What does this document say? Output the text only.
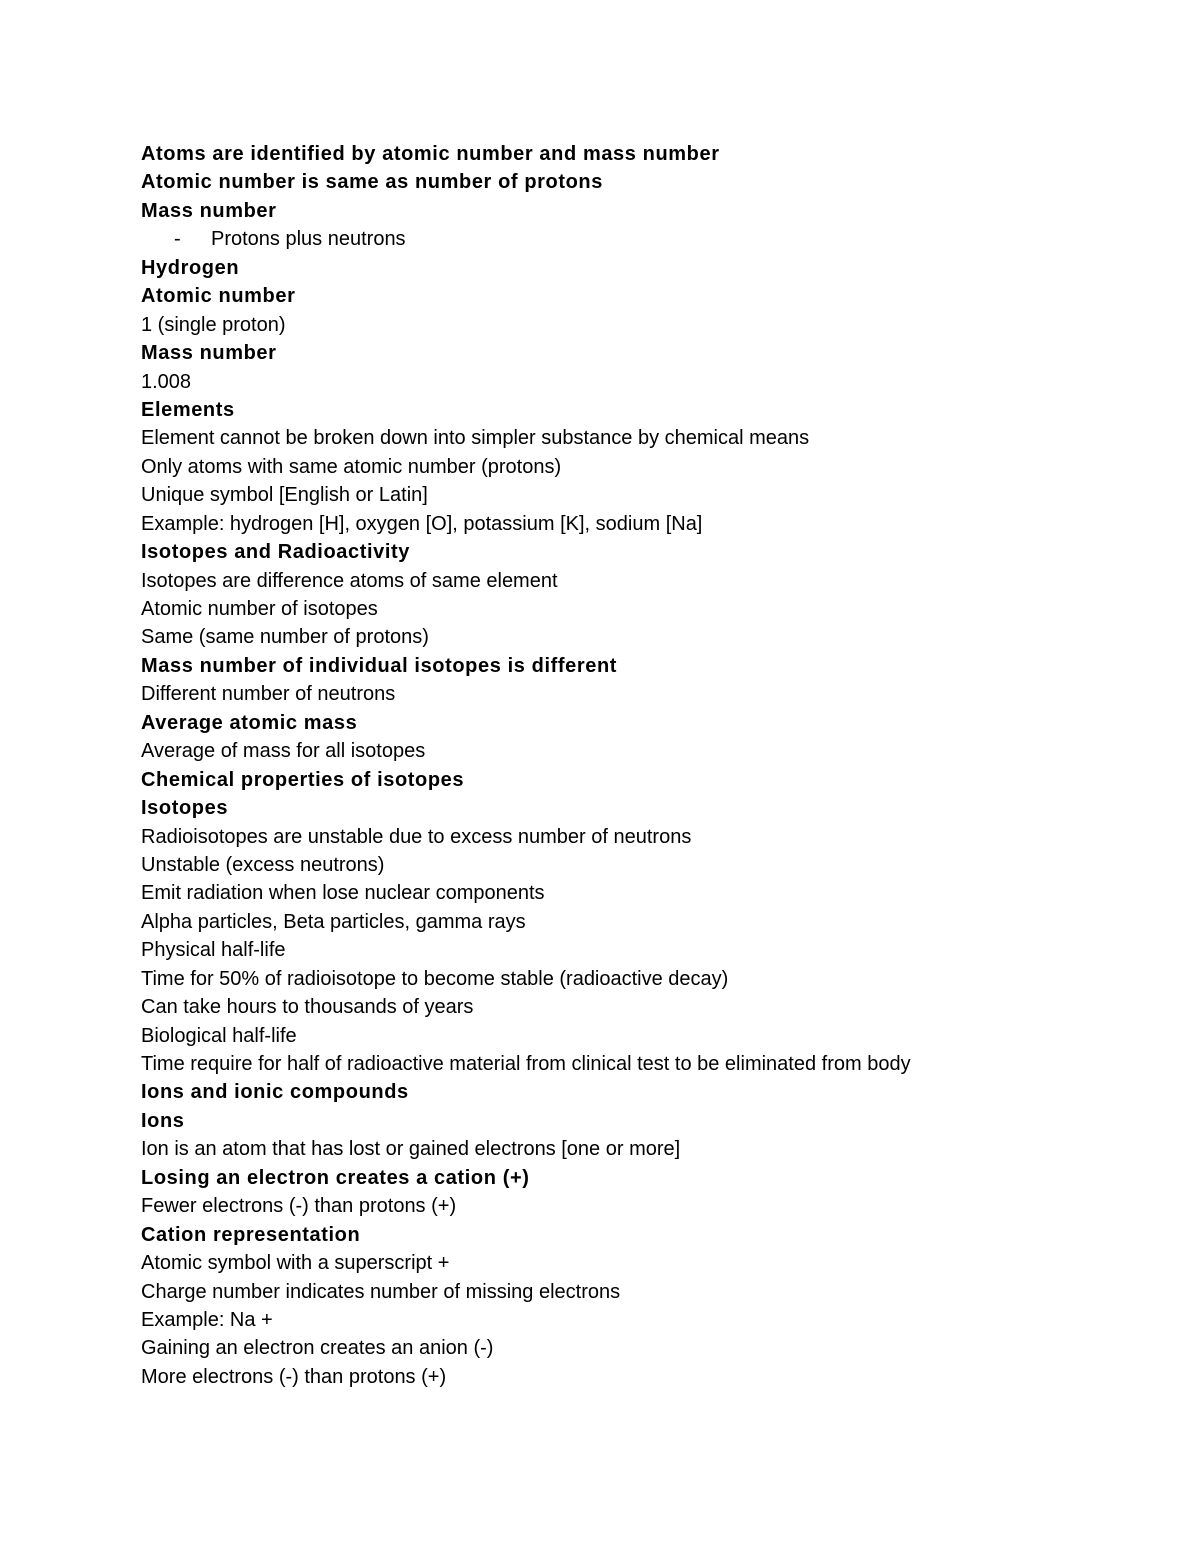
Atoms are identified by atomic number and mass number
Atomic number is same as number of protons
Mass number
- Protons plus neutrons
Hydrogen
Atomic number
1 (single proton)
Mass number
1.008
Elements
Element cannot be broken down into simpler substance by chemical means
Only atoms with same atomic number (protons)
Unique symbol [English or Latin]
Example: hydrogen [H], oxygen [O], potassium [K], sodium [Na]
Isotopes and Radioactivity
Isotopes are difference atoms of same element
Atomic number of isotopes
Same (same number of protons)
Mass number of individual isotopes is different
Different number of neutrons
Average atomic mass
Average of mass for all isotopes
Chemical properties of isotopes
Isotopes
Radioisotopes are unstable due to excess number of neutrons
Unstable (excess neutrons)
Emit radiation when lose nuclear components
Alpha particles, Beta particles, gamma rays
Physical half-life
Time for 50% of radioisotope to become stable (radioactive decay)
Can take hours to thousands of years
Biological half-life
Time require for half of radioactive material from clinical test to be eliminated from body
Ions and ionic compounds
Ions
Ion is an atom that has lost or gained electrons [one or more]
Losing an electron creates a cation (+)
Fewer electrons (-) than protons (+)
Cation representation
Atomic symbol with a superscript +
Charge number indicates number of missing electrons
Example: Na +
Gaining an electron creates an anion (-)
More electrons (-) than protons (+)
